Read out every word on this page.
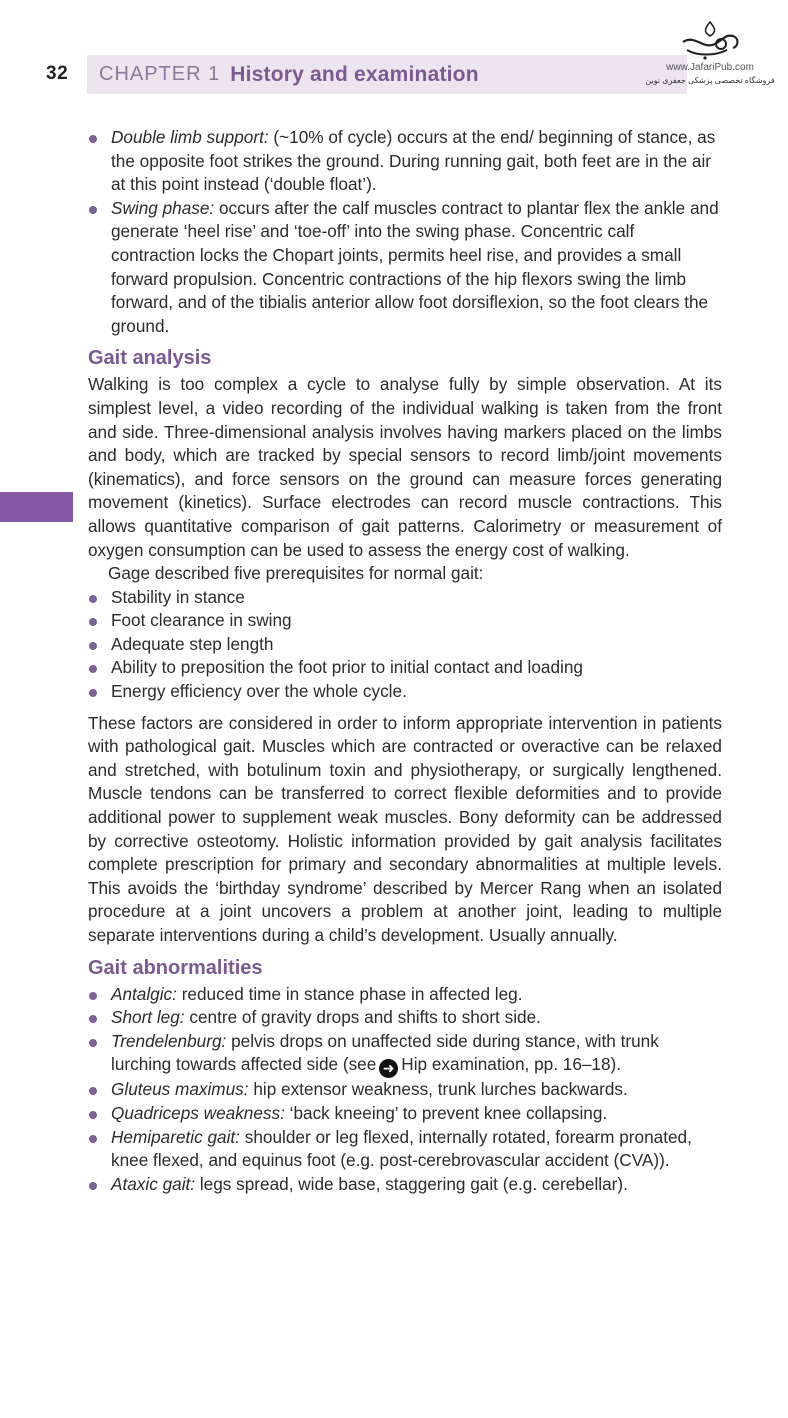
32 CHAPTER 1 History and examination	www.JafariPub.com
فروشگاه تخصصی پزشکی جعفری نوین
Double limb support: (~10% of cycle) occurs at the end/ beginning of stance, as the opposite foot strikes the ground. During running gait, both feet are in the air at this point instead (‘double float’).
Swing phase: occurs after the calf muscles contract to plantar flex the ankle and generate ‘heel rise’ and ‘toe-off’ into the swing phase. Concentric calf contraction locks the Chopart joints, permits heel rise, and provides a small forward propulsion. Concentric contractions of the hip flexors swing the limb forward, and of the tibialis anterior allow foot dorsiflexion, so the foot clears the ground.
Gait analysis

Walking is too complex a cycle to analyse fully by simple observation. At its simplest level, a video recording of the individual walking is taken from the front and side. Three-dimensional analysis involves having markers placed on the limbs and body, which are tracked by special sensors to record limb/joint movements (kinematics), and force sensors on the ground can measure forces generating movement (kinetics). Surface electrodes can record muscle contractions. This allows quantitative comparison of gait patterns. Calorimetry or measurement of oxygen consumption can be used to assess the energy cost of walking.

Gage described five prerequisites for normal gait:

Stability in stance
Foot clearance in swing
Adequate step length
Ability to preposition the foot prior to initial contact and loading
Energy efficiency over the whole cycle.

These factors are considered in order to inform appropriate intervention in patients with pathological gait. Muscles which are contracted or overactive can be relaxed and stretched, with botulinum toxin and physiotherapy, or surgically lengthened. Muscle tendons can be transferred to correct flexible deformities and to provide additional power to supplement weak muscles. Bony deformity can be addressed by corrective osteotomy. Holistic information provided by gait analysis facilitates complete prescription for primary and secondary abnormalities at multiple levels. This avoids the ‘birthday syndrome’ described by Mercer Rang when an isolated procedure at a joint uncovers a problem at another joint, leading to multiple separate interventions during a child’s development. Usually annually.

Gait abnormalities
Antalgic: reduced time in stance phase in affected leg.
Short leg: centre of gravity drops and shifts to short side.
Trendelenburg: pelvis drops on unaffected side during stance, with trunk lurching towards affected side (see ➜ Hip examination, pp. 16–18).
Gluteus maximus: hip extensor weakness, trunk lurches backwards.
Quadriceps weakness: ‘back kneeing’ to prevent knee collapsing.
Hemiparetic gait: shoulder or leg flexed, internally rotated, forearm pronated, knee flexed, and equinus foot (e.g. post-cerebrovascular accident (CVA)).
Ataxic gait: legs spread, wide base, staggering gait (e.g. cerebellar).
